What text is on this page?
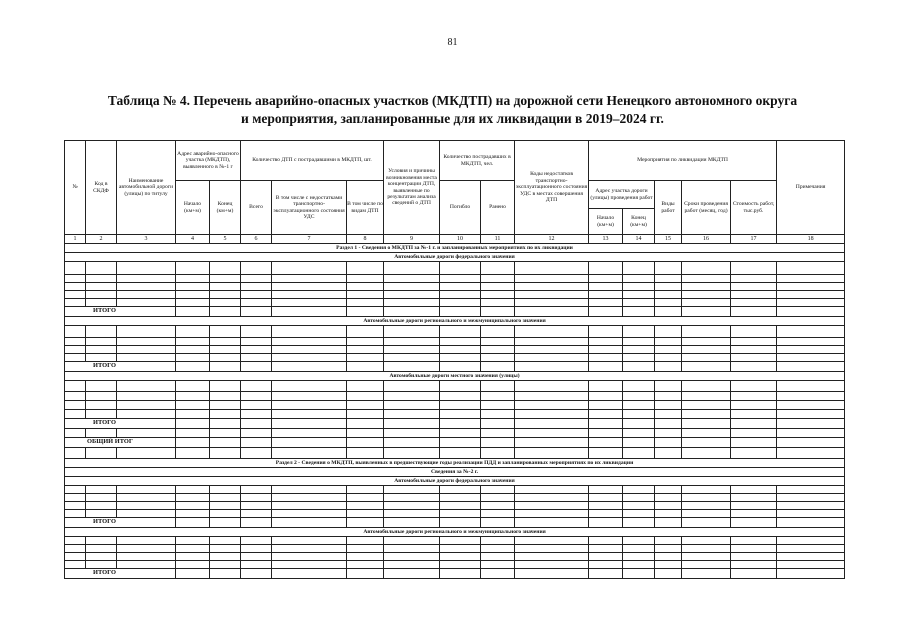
81
Таблица № 4. Перечень аварийно-опасных участков (МКДТП) на дорожной сети Ненецкого автономного округа
и мероприятия, запланированные для их ликвидации в 2019–2024 гг.
№	Код в СКДФ	Наименование автомобильной дороги (улицы) по титулу	Адрес аварийно-опасного участка (МКДТП), выявленного в №-1 г		Количество ДТП с пострадавшими в МКДТП, шт.			Условия и причины возникновения места концентрации ДТП, выявленные по результатам анализа сведений о ДТП	Количество пострадавших в МКДТП, чел.		Коды недостатков транспортно-эксплуатационного состояния УДС в местах совершения ДТП	Мероприятия по ликвидации МКДТП					Примечания
			Начало (км+м)	Конец (км+м)	Всего	В том числе с недостатками транспортно-эксплуатационного состояния УДС	В том числе по видам ДТП		Погибло	Ранено		Адрес участка дороги (улицы) проведения работ		Виды работ	Сроки проведения работ (месяц, год)	Стоимость работ, тыс.руб.	
												Начало (км+м)	Конец (км+м)				
1	2	3	4	5	6	7	8	9	10	11	12	13	14	15	16	17	18
Раздел 1 - Сведения о МКДТП за №-1 г. и запланированных мероприятиях по их ликвидации																	
Автомобильные дороги федерального значения																	

ИТОГО																	
Автомобильные дороги регионального и межмуниципального значения																	

ИТОГО																	
Автомобильные дороги местного значения (улицы)																	

ИТОГО																	

ОБЩИЙ ИТОГ																	

Раздел 2 - Сведения о МКДТП, выявленных в предшествующие годы реализации ПДД и запланированных мероприятиях по их ликвидации																	
Сведения за №-2 г.																	
Автомобильные дороги федерального значения																	

ИТОГО																	
Автомобильные дороги регионального и межмуниципального значения																	

ИТОГО																	
